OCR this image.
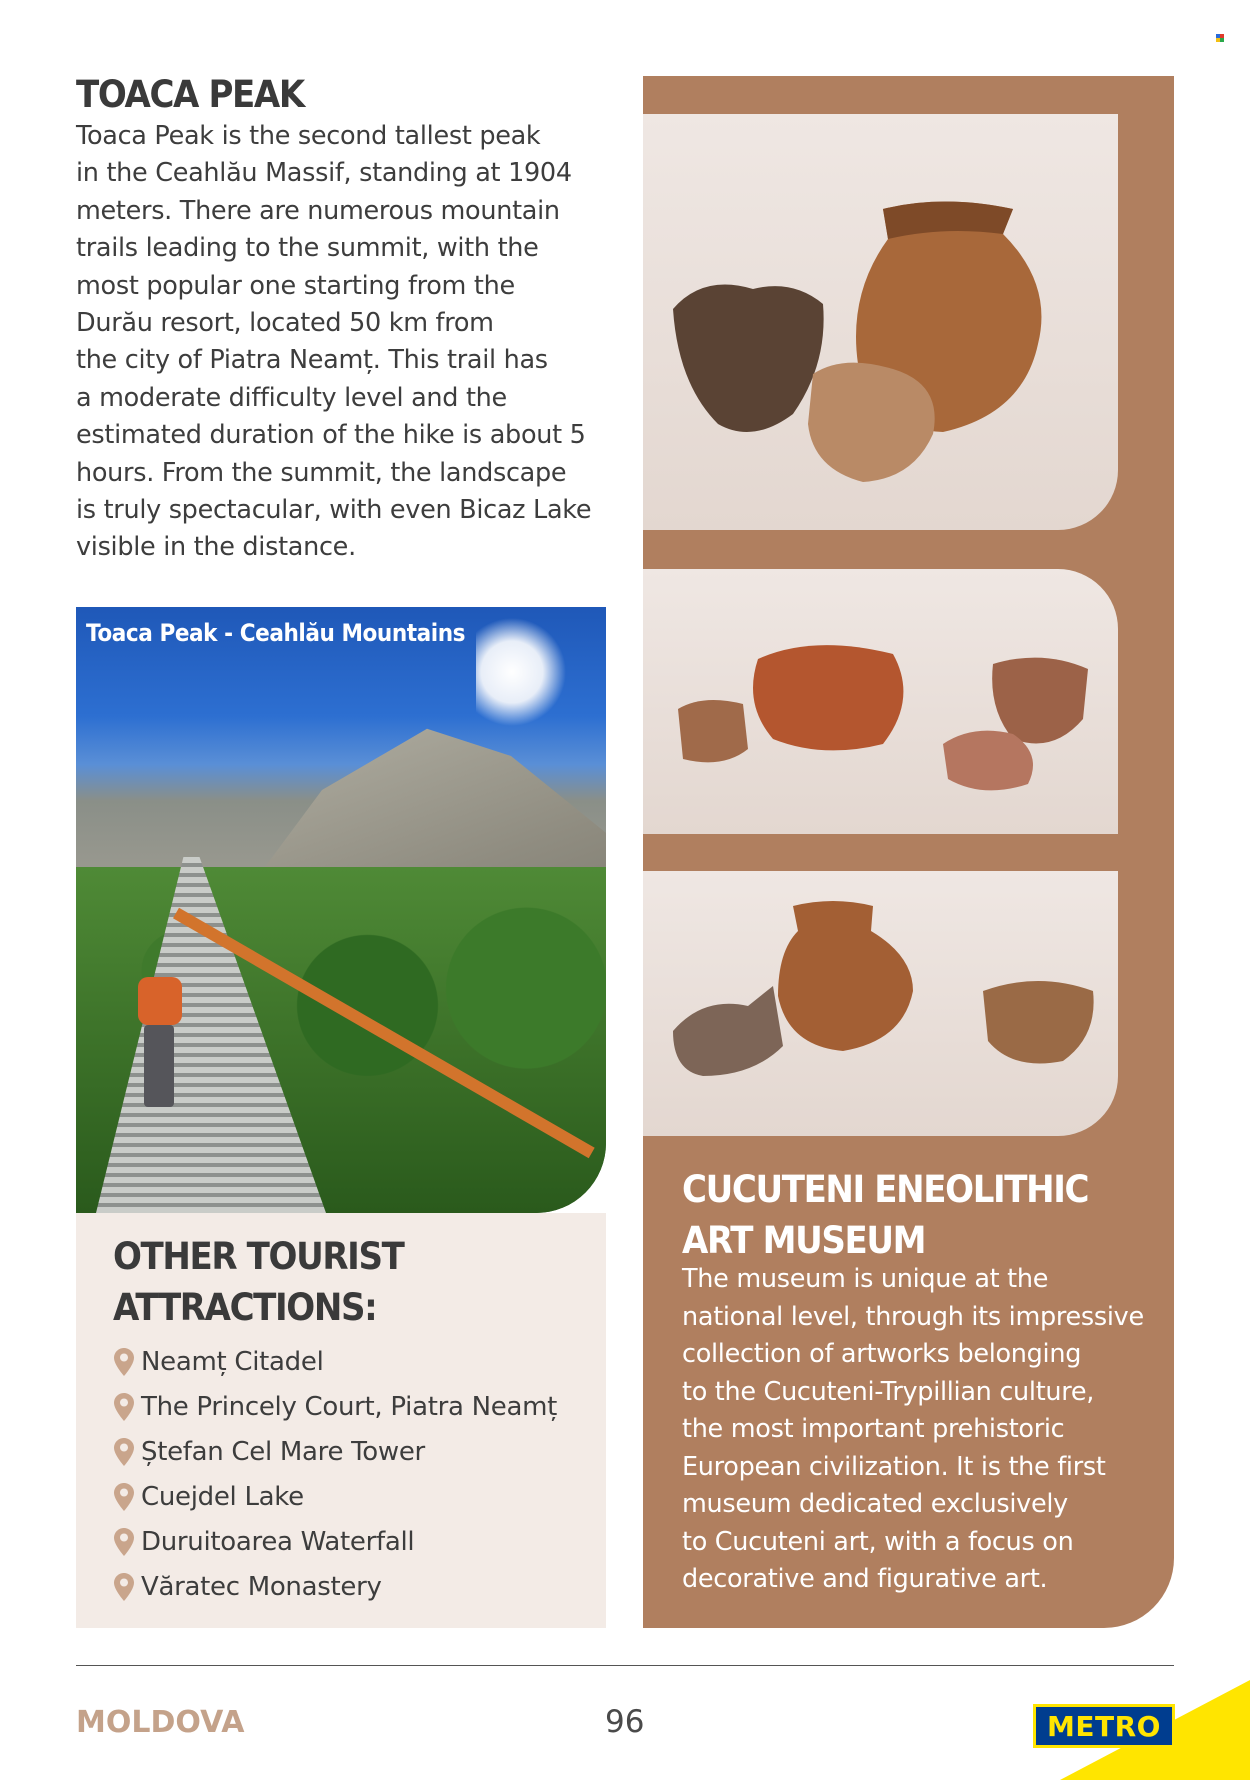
TOACA PEAK

Toaca Peak is the second tallest peak
in the Ceahlău Massif, standing at 1904
meters. There are numerous mountain
trails leading to the summit, with the
most popular one starting from the
Durău resort, located 50 km from
the city of Piatra Neamț. This trail has
a moderate difficulty level and the
estimated duration of the hike is about 5
hours. From the summit, the landscape
is truly spectacular, with even Bicaz Lake
visible in the distance.

Toaca Peak - Ceahlău Mountains
OTHER TOURIST
ATTRACTIONS:
Neamț Citadel
The Princely Court, Piatra Neamț
Ștefan Cel Mare Tower
Cuejdel Lake
Duruitoarea Waterfall
Văratec Monastery
CUCUTENI ENEOLITHIC
ART MUSEUM

The museum is unique at the
national level, through its impressive
collection of artworks belonging
to the Cucuteni-Trypillian culture,
the most important prehistoric
European civilization. It is the first
museum dedicated exclusively
to Cucuteni art, with a focus on
decorative and figurative art.

MOLDOVA	96	METRO
